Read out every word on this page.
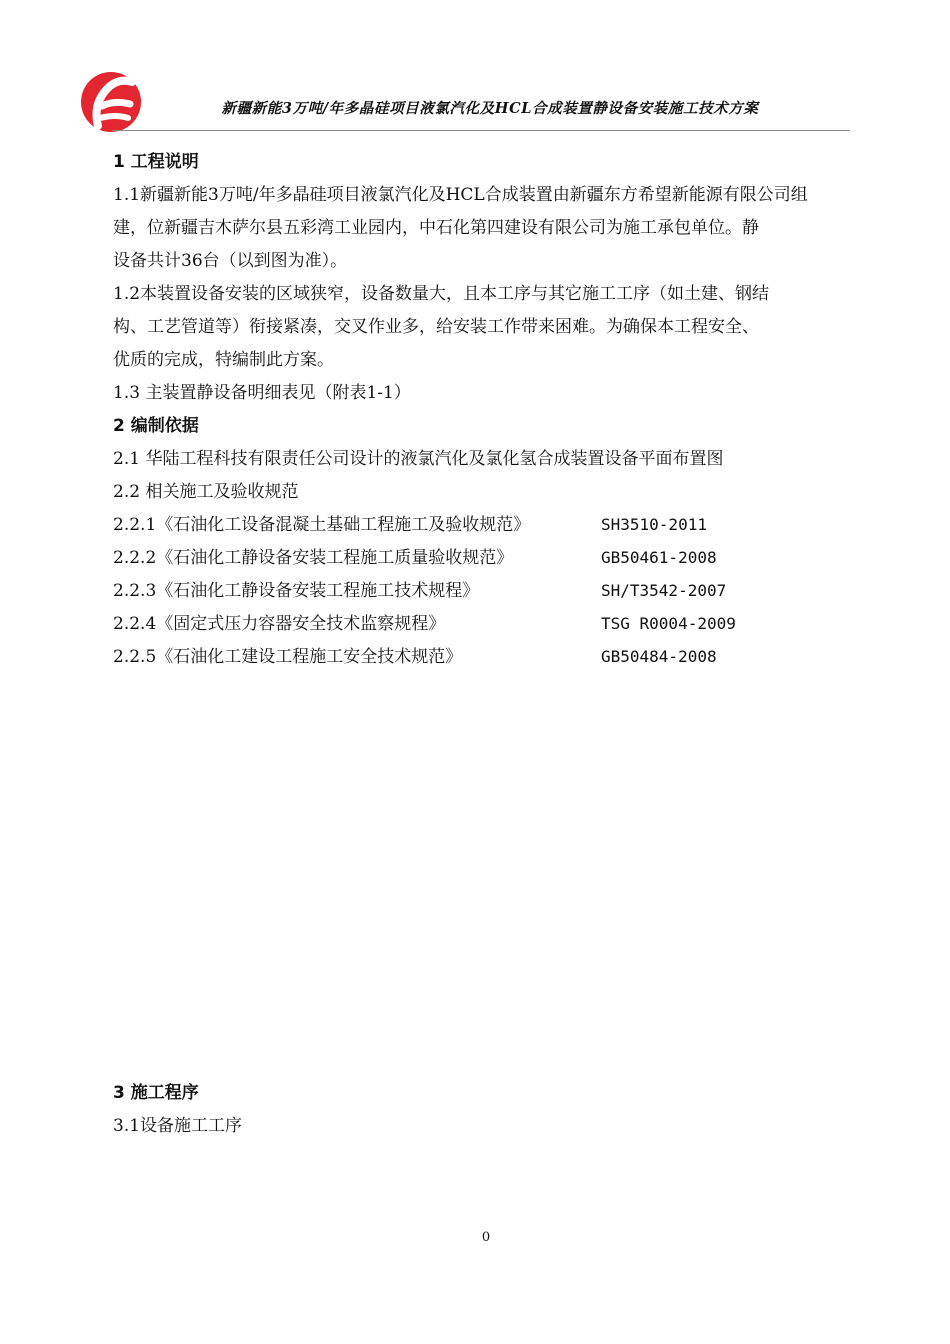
新疆新能3万吨/年多晶硅项目液氯汽化及HCL合成装置静设备安装施工技术方案
1 工程说明
1.1新疆新能3万吨/年多晶硅项目液氯汽化及HCL合成装置由新疆东方希望新能源有限公司组
建，位新疆吉木萨尔县五彩湾工业园内，中石化第四建设有限公司为施工承包单位。静
设备共计36台（以到图为准）。
1.2本装置设备安装的区域狭窄，设备数量大，且本工序与其它施工工序（如土建、钢结
构、工艺管道等）衔接紧凑，交叉作业多，给安装工作带来困难。为确保本工程安全、
优质的完成，特编制此方案。
1.3 主装置静设备明细表见（附表1-1）
2 编制依据
2.1 华陆工程科技有限责任公司设计的液氯汽化及氯化氢合成装置设备平面布置图
2.2 相关施工及验收规范
2.2.1《石油化工设备混凝土基础工程施工及验收规范》	SH3510-2011
2.2.2《石油化工静设备安装工程施工质量验收规范》	GB50461-2008
2.2.3《石油化工静设备安装工程施工技术规程》	SH/T3542-2007
2.2.4《固定式压力容器安全技术监察规程》	TSG R0004-2009
2.2.5《石油化工建设工程施工安全技术规范》	GB50484-2008
3 施工程序
3.1设备施工工序
0
